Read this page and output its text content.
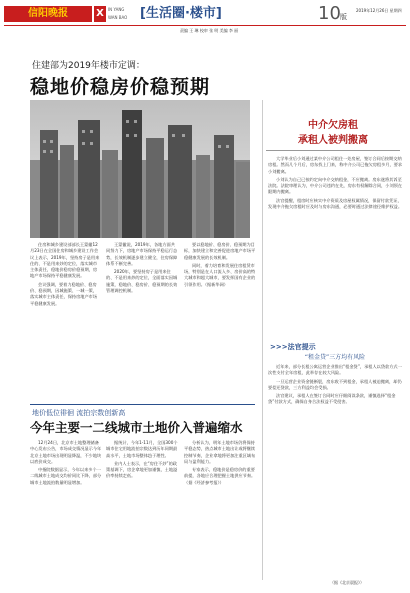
信阳晚报	X	IN YANG WAN BAO [生活圈·楼市]	10 版
2019年12月26日 星期四
责编 王 琳 校审 张 明 美编 李 丽
住建部为2019年楼市定调：
稳地价稳房价稳预期

住房和城乡建设部部长王蒙徽12月23日在全国住房和城乡建设工作会议上表示，2019年，坚持房子是用来住的、不是用来炒的定位，落实城市主体责任，稳地价稳房价稳预期，房地产市场保持平稳健康发展。

会议强调，要着力稳地价、稳房价、稳预期，因城施策、一城一策，落实城市主体责任，保持房地产市场平稳健康发展。

王蒙徽说，2019年，各地方面共同努力下，房地产市场保持平稳运行态势，长效机制逐步建立健全，住房保障体系不断完善。

2020年，要坚持房子是用来住的、不是用来炒的定位，全面落实因城施策，稳地价、稳房价、稳预期的长效管理调控机制。

要以稳地价、稳房价、稳预期为目标，加快建立和完善促进房地产市场平稳健康发展的长效机制。

同时，着力培育和发展住房租赁市场，特别是在人口流入多、房价高的特大城市和超大城市，要发挥国有企业的引领作用。（据新华网）

中介欠房租
承租人被判搬离

大学毕业后小刘通过某中介公司租住一处房屋，签订合同后按期交纳房租。然而几个月后，房东找上门来，称中介公司已拖欠房租多月，要求小刘搬离。

小刘认为自己已按约定向中介交纳租金，不应搬离。房东遂将其诉至法院。法院审理认为，中介公司违约在先，房东有权解除合同，小刘须在限期内搬离。

法官提醒，租房时应核实中介资质及房屋权属情况，保留付款凭证，发现中介拖欠房租时应及时与房东沟通，必要时通过法律途径维护权益。

>>>法官提示
“租金贷”三方均有风险

近年来，部分长租公寓运营企业推出“租金贷”，承租人以贷款方式一次性支付全年房租，此举存在较大风险。

一旦运营企业资金链断裂，房东收不到租金，承租人被迫搬离，却仍要偿还贷款，三方利益均会受损。

法官建议，承租人在签订合同时应仔细阅读条款，谨慎选择“租金贷”付款方式，确保自身合法权益不受侵害。

（据《北京晨报》）
地价低位徘徊 流拍宗数创新高
今年主要一二线城市土地价入普遍缩水

12月24日，北京市土地整理储备中心发布公告，市场成交情况显示今年北京土地市场出现明显降温，不少地块以底价成交。

中指院数据显示，今年以来多个一二线城市土地成交均价同比下降，部分城市土地流拍数量明显增加。

据统计，今年1-11月，全国300个城市住宅用地流拍宗数达到历年同期最高水平，土地市场整体趋于理性。

业内人士表示，在“房住不炒”的政策基调下，房企拿地更加谨慎，土地溢价率持续走低。

分析认为，明年土地市场仍将保持平稳态势，热点城市土地出让或将继续控制节奏，企业拿地将更加注重区域布局与盈利能力。

专家表示，稳地价是稳房价的重要前提，各地应合理把握土地供应节奏。（据《经济参考报》）
